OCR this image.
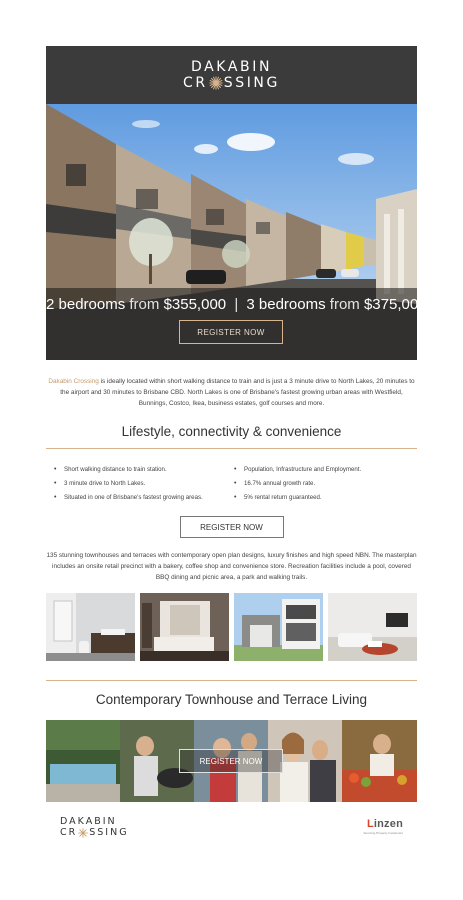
DAKABIN
CR SSING
2 bedrooms from $355,000 | 3 bedrooms from $375,000
REGISTER NOW

Dakabin Crossing is ideally located within short walking distance to train and is just a 3 minute drive to North Lakes, 20 minutes to the airport and 30 minutes to Brisbane CBD. North Lakes is one of Brisbane's fastest growing urban areas with Westfield, Bunnings, Costco, Ikea, business estates, golf courses and more.

Lifestyle, connectivity & convenience
• Short walking distance to train station.
• 3 minute drive to North Lakes.
• Situated in one of Brisbane's fastest growing areas.
• Population, Infrastructure and Employment.
• 16.7% annual growth rate.
• 5% rental return guaranteed.
REGISTER NOW

135 stunning townhouses and terraces with contemporary open plan designs, luxury finishes and high speed NBN. The masterplan includes an onsite retail precinct with a bakery, coffee shop and convenience store. Recreation facilities include a pool, covered BBQ dining and picnic area, a park and walking trails.

Contemporary Townhouse and Terrace Living
REGISTER NOW
DAKABIN
CR SSING
Linzen
Sourcing Property Investment
